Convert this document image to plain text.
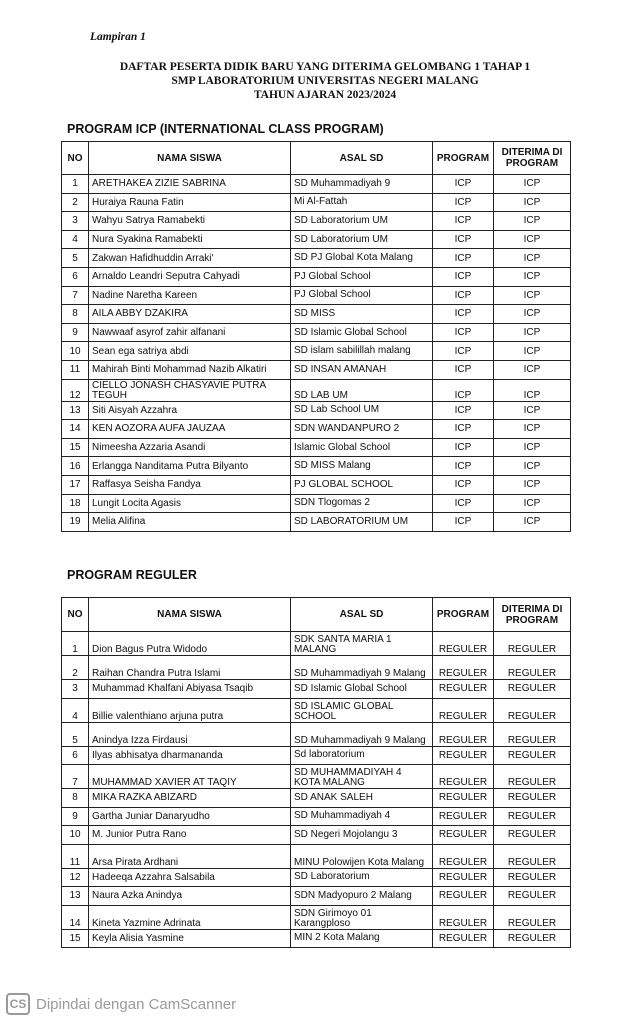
Lampiran 1
DAFTAR PESERTA DIDIK BARU YANG DITERIMA GELOMBANG 1 TAHAP 1
SMP LABORATORIUM UNIVERSITAS NEGERI MALANG
TAHUN AJARAN 2023/2024
PROGRAM ICP (INTERNATIONAL CLASS PROGRAM)
NO	NAMA SISWA	ASAL SD	PROGRAM	DITERIMA DI PROGRAM
1	ARETHAKEA ZIZIE SABRINA	SD Muhammadiyah 9	ICP	ICP
2	Huraiya Rauna Fatin	Mi Al-Fattah	ICP	ICP
3	Wahyu Satrya Ramabekti	SD Laboratorium UM	ICP	ICP
4	Nura Syakina Ramabekti	SD Laboratorium UM	ICP	ICP
5	Zakwan Hafidhuddin Arraki'	SD PJ Global Kota Malang	ICP	ICP
6	Arnaldo Leandri Seputra Cahyadi	PJ Global School	ICP	ICP
7	Nadine Naretha Kareen	PJ Global School	ICP	ICP
8	AILA ABBY DZAKIRA	SD MISS	ICP	ICP
9	Nawwaaf asyrof zahir alfanani	SD Islamic Global School	ICP	ICP
10	Sean ega satriya abdi	SD islam sabilillah malang	ICP	ICP
11	Mahirah Binti Mohammad Nazib Alkatiri	SD INSAN AMANAH	ICP	ICP
12	CIELLO JONASH CHASYAVIE PUTRA TEGUH	SD LAB UM	ICP	ICP
13	Siti Aisyah Azzahra	SD Lab School UM	ICP	ICP
14	KEN AOZORA AUFA JAUZAA	SDN WANDANPURO 2	ICP	ICP
15	Nimeesha Azzaria Asandi	Islamic Global School	ICP	ICP
16	Erlangga Nanditama Putra Bilyanto	SD MISS Malang	ICP	ICP
17	Raffasya Seisha Fandya	PJ GLOBAL SCHOOL	ICP	ICP
18	Lungit Locita Agasis	SDN Tlogomas 2	ICP	ICP
19	Melia Alifina	SD LABORATORIUM UM	ICP	ICP
PROGRAM REGULER
NO	NAMA SISWA	ASAL SD	PROGRAM	DITERIMA DI PROGRAM
1	Dion Bagus Putra Widodo	SDK SANTA MARIA 1 MALANG	REGULER	REGULER
2	Raihan Chandra Putra Islami	SD Muhammadiyah 9 Malang	REGULER	REGULER
3	Muhammad Khalfani Abiyasa Tsaqib	SD Islamic Global School	REGULER	REGULER
4	Billie valenthiano arjuna putra	SD ISLAMIC GLOBAL SCHOOL	REGULER	REGULER
5	Anindya Izza Firdausi	SD Muhammadiyah 9 Malang	REGULER	REGULER
6	Ilyas abhisatya dharmananda	Sd laboratorium	REGULER	REGULER
7	MUHAMMAD XAVIER AT TAQIY	SD MUHAMMADIYAH 4 KOTA MALANG	REGULER	REGULER
8	MIKA RAZKA ABIZARD	SD ANAK SALEH	REGULER	REGULER
9	Gartha Juniar Danaryudho	SD Muhammadiyah 4	REGULER	REGULER
10	M. Junior Putra Rano	SD Negeri Mojolangu 3	REGULER	REGULER
11	Arsa Pirata Ardhani	MINU Polowijen Kota Malang	REGULER	REGULER
12	Hadeeqa Azzahra Salsabila	SD Laboratorium	REGULER	REGULER
13	Naura Azka Anindya	SDN Madyopuro 2 Malang	REGULER	REGULER
14	Kineta Yazmine Adrinata	SDN Girimoyo 01 Karangploso	REGULER	REGULER
15	Keyla Alisia Yasmine	MIN 2 Kota Malang	REGULER	REGULER
CS Dipindai dengan CamScanner
